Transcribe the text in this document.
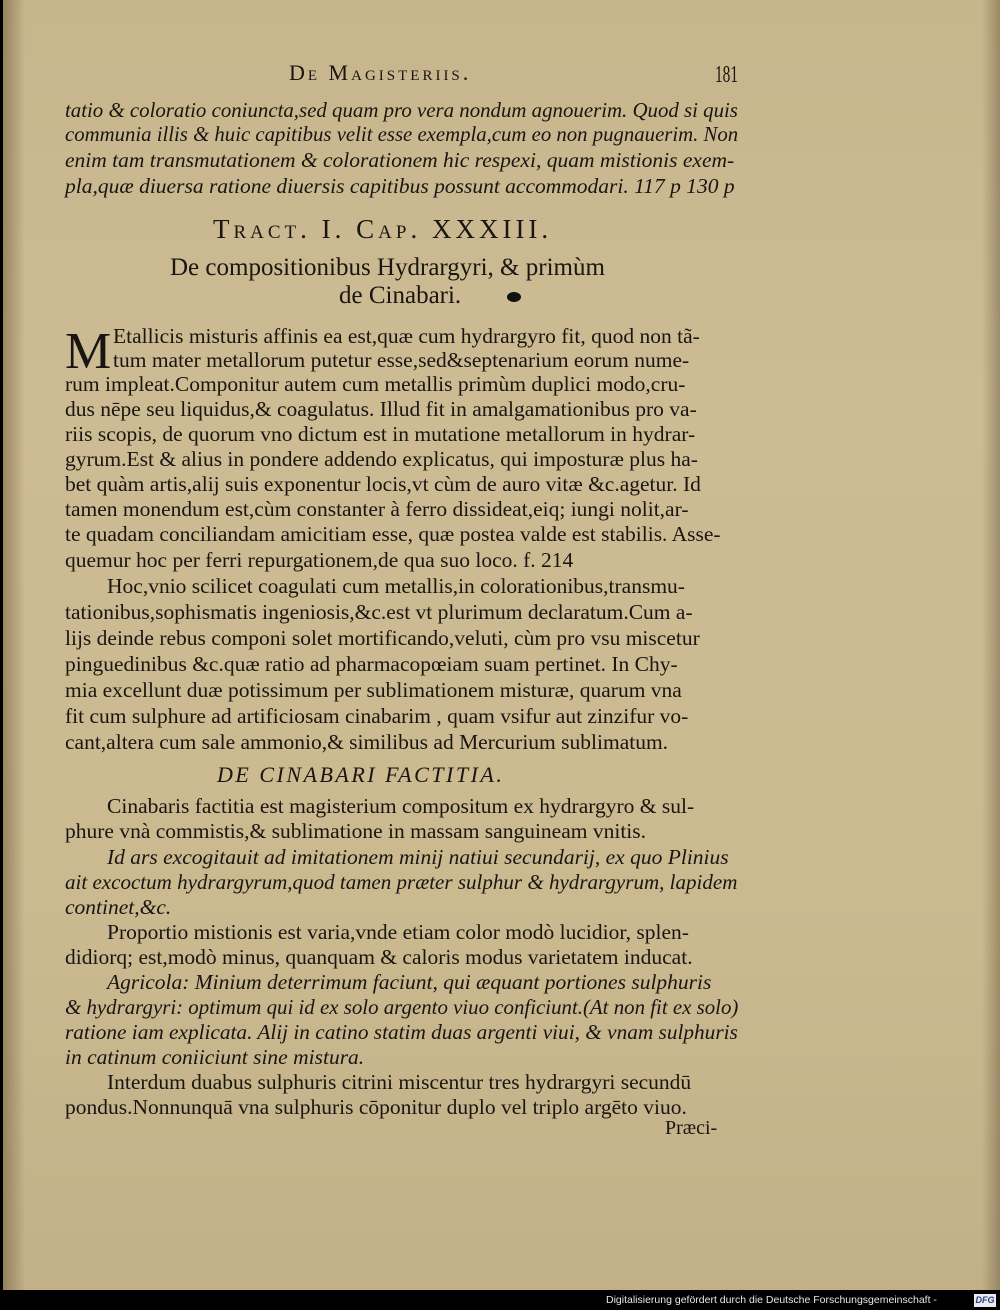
De Magisteriis.	181
tatio & coloratio coniuncta,sed quam pro vera nondum agnouerim. Quod si quis
communia illis & huic capitibus velit esse exempla,cum eo non pugnauerim. Non
enim tam transmutationem & colorationem hic respexi, quam mistionis exem-
pla,quæ diuersa ratione diuersis capitibus possunt accommodari. 117 p 130 p
Tract. I. Cap. XXXIII.
De compositionibus Hydrargyri, & primùm
de Cinabari.
M Etallicis misturis affinis ea est,quæ cum hydrargyro fit, quod non tã-
tum mater metallorum putetur esse,sed&septenarium eorum nume-
rum impleat.Componitur autem cum metallis primùm duplici modo,cru-
dus nēpe seu liquidus,& coagulatus. Illud fit in amalgamationibus pro va-
riis scopis, de quorum vno dictum est in mutatione metallorum in hydrar-
gyrum.Est & alius in pondere addendo explicatus, qui imposturæ plus ha-
bet quàm artis,alij suis exponentur locis,vt cùm de auro vitæ &c.agetur. Id
tamen monendum est,cùm constanter à ferro dissideat,eiq; iungi nolit,ar-
te quadam conciliandam amicitiam esse, quæ postea valde est stabilis. Asse-
quemur hoc per ferri repurgationem,de qua suo loco. f. 214
Hoc,vnio scilicet coagulati cum metallis,in colorationibus,transmu-
tationibus,sophismatis ingeniosis,&c.est vt plurimum declaratum.Cum a-
lijs deinde rebus componi solet mortificando,veluti, cùm pro vsu miscetur
pinguedinibus &c.quæ ratio ad pharmacopœiam suam pertinet. In Chy-
mia excellunt duæ potissimum per sublimationem misturæ, quarum vna
fit cum sulphure ad artificiosam cinabarim , quam vsifur aut zinzifur vo-
cant,altera cum sale ammonio,& similibus ad Mercurium sublimatum.
DE CINABARI FACTITIA.
Cinabaris factitia est magisterium compositum ex hydrargyro & sul-
phure vnà commistis,& sublimatione in massam sanguineam vnitis.
Id ars excogitauit ad imitationem minij natiui secundarij, ex quo Plinius
ait excoctum hydrargyrum,quod tamen præter sulphur & hydrargyrum, lapidem
continet,&c.
Proportio mistionis est varia,vnde etiam color modò lucidior, splen-
didiorq; est,modò minus, quanquam & caloris modus varietatem inducat.
Agricola: Minium deterrimum faciunt, qui æquant portiones sulphuris
& hydrargyri: optimum qui id ex solo argento viuo conficiunt.(At non fit ex solo)
ratione iam explicata. Alij in catino statim duas argenti viui, & vnam sulphuris
in catinum coniiciunt sine mistura.
Interdum duabus sulphuris citrini miscentur tres hydrargyri secundū
pondus.Nonnunquā vna sulphuris cōponitur duplo vel triplo argēto viuo.
Præci-
Digitalisierung gefördert durch die Deutsche Forschungsgemeinschaft -	DFG
